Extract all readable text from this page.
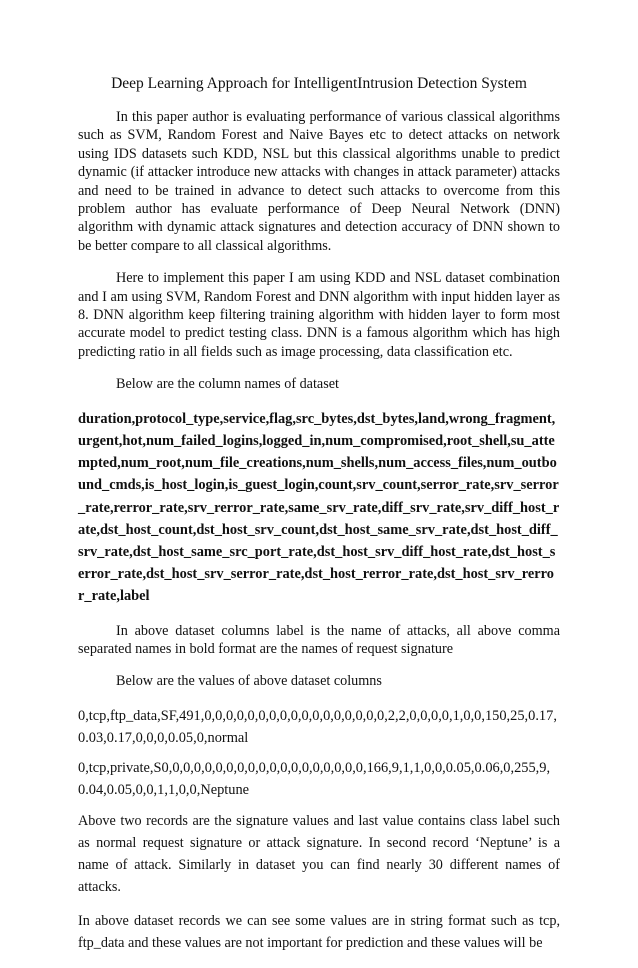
Deep Learning Approach for IntelligentIntrusion Detection System

In this paper author is evaluating performance of various classical algorithms such as SVM, Random Forest and Naive Bayes etc to detect attacks on network using IDS datasets such KDD, NSL but this classical algorithms unable to predict dynamic (if attacker introduce new attacks with changes in attack parameter) attacks and need to be trained in advance to detect such attacks to overcome from this problem author has evaluate performance of Deep Neural Network (DNN) algorithm with dynamic attack signatures and detection accuracy of DNN shown to be better compare to all classical algorithms.

Here to implement this paper I am using KDD and NSL dataset combination and I am using SVM, Random Forest and DNN algorithm with input hidden layer as 8. DNN algorithm keep filtering training algorithm with hidden layer to form most accurate model to predict testing class. DNN is a famous algorithm which has high predicting ratio in all fields such as image processing, data classification etc.

Below are the column names of dataset

duration,protocol_type,service,flag,src_bytes,dst_bytes,land,wrong_fragment,urgent,hot,num_failed_logins,logged_in,num_compromised,root_shell,su_attempted,num_root,num_file_creations,num_shells,num_access_files,num_outbound_cmds,is_host_login,is_guest_login,count,srv_count,serror_rate,srv_serror_rate,rerror_rate,srv_rerror_rate,same_srv_rate,diff_srv_rate,srv_diff_host_rate,dst_host_count,dst_host_srv_count,dst_host_same_srv_rate,dst_host_diff_srv_rate,dst_host_same_src_port_rate,dst_host_srv_diff_host_rate,dst_host_serror_rate,dst_host_srv_serror_rate,dst_host_rerror_rate,dst_host_srv_rerror_rate,label

In above dataset columns label is the name of attacks, all above comma separated names in bold format are the names of request signature

Below are the values of above dataset columns

0,tcp,ftp_data,SF,491,0,0,0,0,0,0,0,0,0,0,0,0,0,0,0,0,0,2,2,0,0,0,0,1,0,0,150,25,0.17,0.03,0.17,0,0,0,0.05,0,normal

0,tcp,private,S0,0,0,0,0,0,0,0,0,0,0,0,0,0,0,0,0,0,0,166,9,1,1,0,0,0.05,0.06,0,255,9,0.04,0.05,0,0,1,1,0,0,Neptune

Above two records are the signature values and last value contains class label such as normal request signature or attack signature. In second record ‘Neptune’ is a name of attack. Similarly in dataset you can find nearly 30 different names of attacks.

In above dataset records we can see some values are in string format such as tcp, ftp_data and these values are not important for prediction and these values will be
